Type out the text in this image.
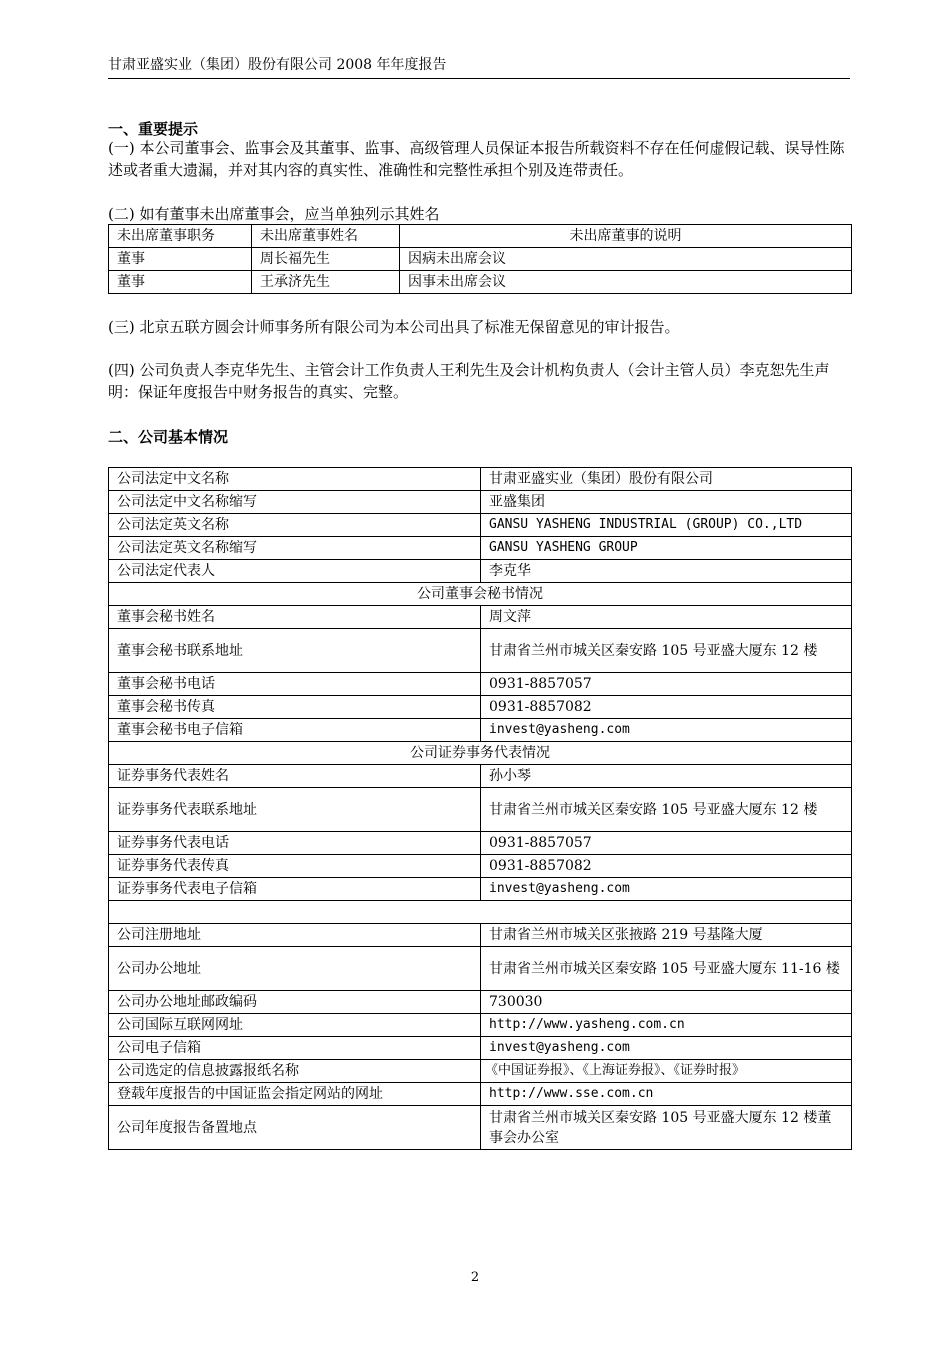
甘肃亚盛实业（集团）股份有限公司 2008 年年度报告
一、重要提示
(一) 本公司董事会、监事会及其董事、监事、高级管理人员保证本报告所载资料不存在任何虚假记载、误导性陈述或者重大遗漏，并对其内容的真实性、准确性和完整性承担个别及连带责任。
(二) 如有董事未出席董事会，应当单独列示其姓名
未出席董事职务	未出席董事姓名	未出席董事的说明
董事	周长福先生	因病未出席会议
董事	王承济先生	因事未出席会议
(三) 北京五联方圆会计师事务所有限公司为本公司出具了标准无保留意见的审计报告。
(四) 公司负责人李克华先生、主管会计工作负责人王利先生及会计机构负责人（会计主管人员）李克恕先生声明：保证年度报告中财务报告的真实、完整。
二、公司基本情况
公司法定中文名称	甘肃亚盛实业（集团）股份有限公司
公司法定中文名称缩写	亚盛集团
公司法定英文名称	GANSU YASHENG INDUSTRIAL (GROUP) CO.,LTD
公司法定英文名称缩写	GANSU YASHENG GROUP
公司法定代表人	李克华
公司董事会秘书情况	
董事会秘书姓名	周文萍
董事会秘书联系地址	甘肃省兰州市城关区秦安路 105 号亚盛大厦东 12 楼
董事会秘书电话	0931-8857057
董事会秘书传真	0931-8857082
董事会秘书电子信箱	invest@yasheng.com
公司证券事务代表情况	
证券事务代表姓名	孙小琴
证券事务代表联系地址	甘肃省兰州市城关区秦安路 105 号亚盛大厦东 12 楼
证券事务代表电话	0931-8857057
证券事务代表传真	0931-8857082
证券事务代表电子信箱	invest@yasheng.com

公司注册地址	甘肃省兰州市城关区张掖路 219 号基隆大厦
公司办公地址	甘肃省兰州市城关区秦安路 105 号亚盛大厦东 11-16 楼
公司办公地址邮政编码	730030
公司国际互联网网址	http://www.yasheng.com.cn
公司电子信箱	invest@yasheng.com
公司选定的信息披露报纸名称	《中国证券报》、《上海证券报》、《证券时报》
登载年度报告的中国证监会指定网站的网址	http://www.sse.com.cn
公司年度报告备置地点	甘肃省兰州市城关区秦安路 105 号亚盛大厦东 12 楼董事会办公室
2
